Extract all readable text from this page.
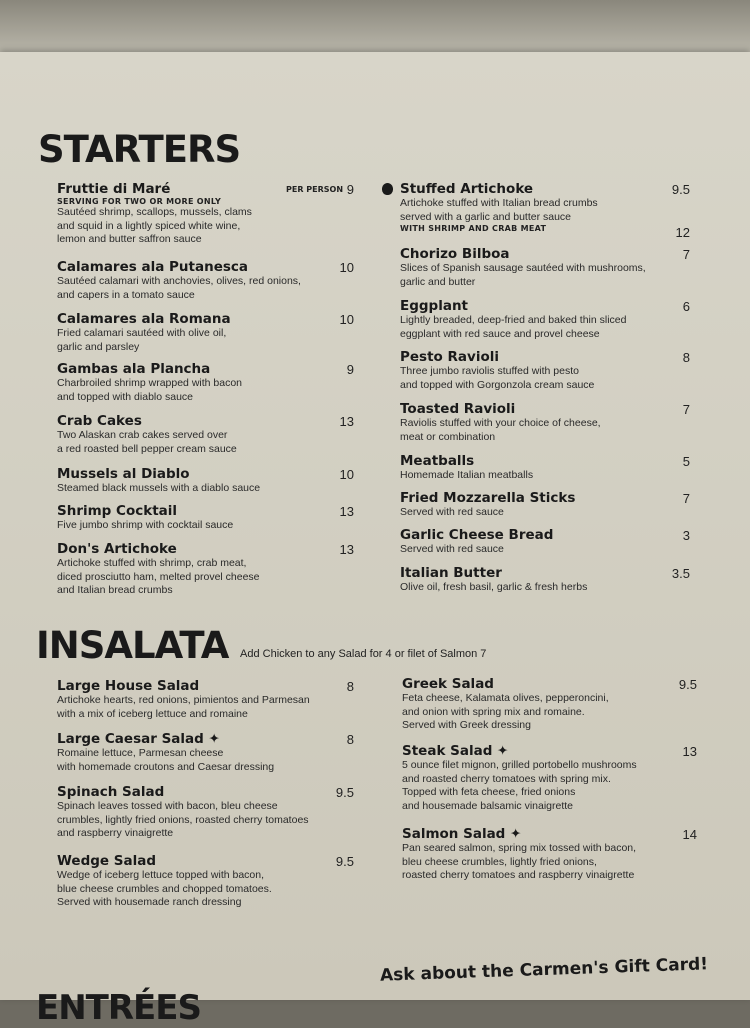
STARTERS
Fruttie di Maré
SERVING FOR TWO OR MORE ONLY
Sautéed shrimp, scallops, mussels, clams
and squid in a lightly spiced white wine,
lemon and butter saffron sauce
9
PER PERSON
Calamares ala Putanesca
Sautéed calamari with anchovies, olives, red onions,
and capers in a tomato sauce
10
Calamares ala Romana
Fried calamari sautéed with olive oil,
garlic and parsley
10
Gambas ala Plancha
Charbroiled shrimp wrapped with bacon
and topped with diablo sauce
9
Crab Cakes
Two Alaskan crab cakes served over
a red roasted bell pepper cream sauce
13
Mussels al Diablo
Steamed black mussels with a diablo sauce
10
Shrimp Cocktail
Five jumbo shrimp with cocktail sauce
13
Don's Artichoke
Artichoke stuffed with shrimp, crab meat,
diced prosciutto ham, melted provel cheese
and Italian bread crumbs
13
Stuffed Artichoke
Artichoke stuffed with Italian bread crumbs
served with a garlic and butter sauce
WITH SHRIMP AND CRAB MEAT
9.5
12
Chorizo Bilboa
Slices of Spanish sausage sautéed with mushrooms,
garlic and butter
7
Eggplant
Lightly breaded, deep-fried and baked thin sliced
eggplant with red sauce and provel cheese
6
Pesto Ravioli
Three jumbo raviolis stuffed with pesto
and topped with Gorgonzola cream sauce
8
Toasted Ravioli
Raviolis stuffed with your choice of cheese,
meat or combination
7
Meatballs
Homemade Italian meatballs
5
Fried Mozzarella Sticks
Served with red sauce
7
Garlic Cheese Bread
Served with red sauce
3
Italian Butter
Olive oil, fresh basil, garlic & fresh herbs
3.5
INSALATA Add Chicken to any Salad for 4 or filet of Salmon 7
Large House Salad
Artichoke hearts, red onions, pimientos and Parmesan
with a mix of iceberg lettuce and romaine
8
Large Caesar Salad ✦
Romaine lettuce, Parmesan cheese
with homemade croutons and Caesar dressing
8
Spinach Salad
Spinach leaves tossed with bacon, bleu cheese
crumbles, lightly fried onions, roasted cherry tomatoes
and raspberry vinaigrette
9.5
Wedge Salad
Wedge of iceberg lettuce topped with bacon,
blue cheese crumbles and chopped tomatoes.
Served with housemade ranch dressing
9.5
Greek Salad
Feta cheese, Kalamata olives, pepperoncini,
and onion with spring mix and romaine.
Served with Greek dressing
9.5
Steak Salad ✦
5 ounce filet mignon, grilled portobello mushrooms
and roasted cherry tomatoes with spring mix.
Topped with feta cheese, fried onions
and housemade balsamic vinaigrette
13
Salmon Salad ✦
Pan seared salmon, spring mix tossed with bacon,
bleu cheese crumbles, lightly fried onions,
roasted cherry tomatoes and raspberry vinaigrette
14
Ask about the Carmen's Gift Card!
ENTRÉES
